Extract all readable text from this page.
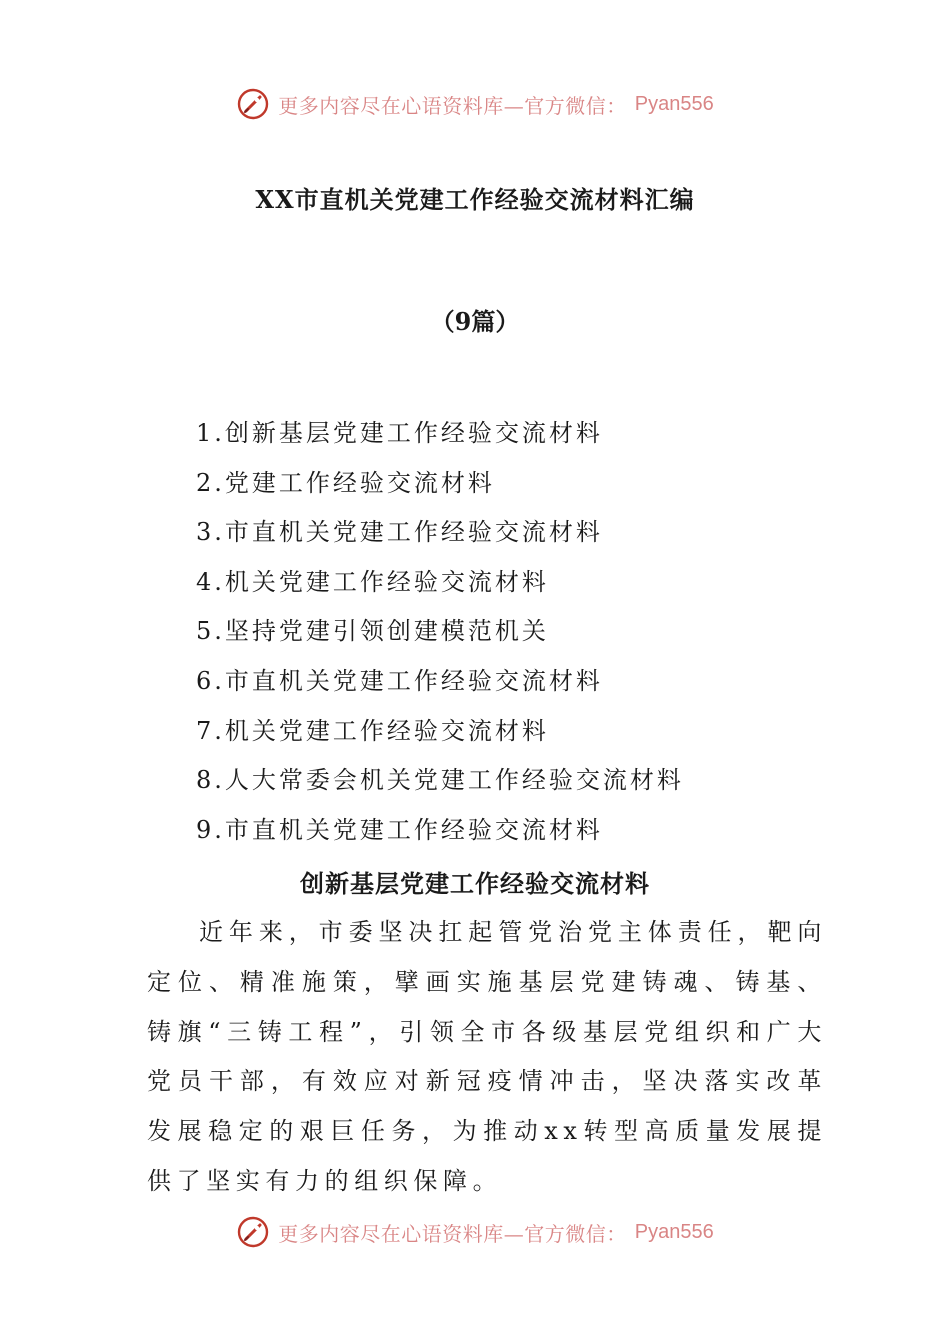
更多内容尽在心语资料库—官方微信： Pyan556
XX市直机关党建工作经验交流材料汇编
（9篇）
1.创新基层党建工作经验交流材料
2.党建工作经验交流材料
3.市直机关党建工作经验交流材料
4.机关党建工作经验交流材料
5.坚持党建引领创建模范机关
6.市直机关党建工作经验交流材料
7.机关党建工作经验交流材料
8.人大常委会机关党建工作经验交流材料
9.市直机关党建工作经验交流材料
创新基层党建工作经验交流材料

近年来，市委坚决扛起管党治党主体责任，靶向定位、精准施策，擘画实施基层党建铸魂、铸基、铸旗“三铸工程”，引领全市各级基层党组织和广大党员干部，有效应对新冠疫情冲击，坚决落实改革发展稳定的艰巨任务，为推动xx转型高质量发展提供了坚实有力的组织保障。

更多内容尽在心语资料库—官方微信： Pyan556
